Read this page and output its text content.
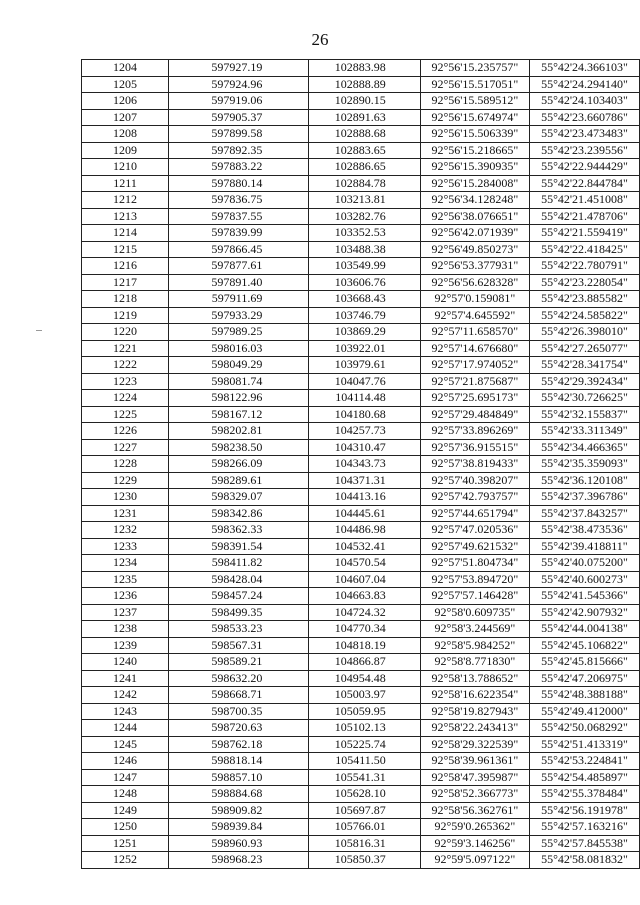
26
1204	597927.19	102883.98	92°56'15.235757"	55°42'24.366103"
1205	597924.96	102888.89	92°56'15.517051"	55°42'24.294140"
1206	597919.06	102890.15	92°56'15.589512"	55°42'24.103403"
1207	597905.37	102891.63	92°56'15.674974"	55°42'23.660786"
1208	597899.58	102888.68	92°56'15.506339"	55°42'23.473483"
1209	597892.35	102883.65	92°56'15.218665"	55°42'23.239556"
1210	597883.22	102886.65	92°56'15.390935"	55°42'22.944429"
1211	597880.14	102884.78	92°56'15.284008"	55°42'22.844784"
1212	597836.75	103213.81	92°56'34.128248"	55°42'21.451008"
1213	597837.55	103282.76	92°56'38.076651"	55°42'21.478706"
1214	597839.99	103352.53	92°56'42.071939"	55°42'21.559419"
1215	597866.45	103488.38	92°56'49.850273"	55°42'22.418425"
1216	597877.61	103549.99	92°56'53.377931"	55°42'22.780791"
1217	597891.40	103606.76	92°56'56.628328"	55°42'23.228054"
1218	597911.69	103668.43	92°57'0.159081"	55°42'23.885582"
1219	597933.29	103746.79	92°57'4.645592"	55°42'24.585822"
1220	597989.25	103869.29	92°57'11.658570"	55°42'26.398010"
1221	598016.03	103922.01	92°57'14.676680"	55°42'27.265077"
1222	598049.29	103979.61	92°57'17.974052"	55°42'28.341754"
1223	598081.74	104047.76	92°57'21.875687"	55°42'29.392434"
1224	598122.96	104114.48	92°57'25.695173"	55°42'30.726625"
1225	598167.12	104180.68	92°57'29.484849"	55°42'32.155837"
1226	598202.81	104257.73	92°57'33.896269"	55°42'33.311349"
1227	598238.50	104310.47	92°57'36.915515"	55°42'34.466365"
1228	598266.09	104343.73	92°57'38.819433"	55°42'35.359093"
1229	598289.61	104371.31	92°57'40.398207"	55°42'36.120108"
1230	598329.07	104413.16	92°57'42.793757"	55°42'37.396786"
1231	598342.86	104445.61	92°57'44.651794"	55°42'37.843257"
1232	598362.33	104486.98	92°57'47.020536"	55°42'38.473536"
1233	598391.54	104532.41	92°57'49.621532"	55°42'39.418811"
1234	598411.82	104570.54	92°57'51.804734"	55°42'40.075200"
1235	598428.04	104607.04	92°57'53.894720"	55°42'40.600273"
1236	598457.24	104663.83	92°57'57.146428"	55°42'41.545366"
1237	598499.35	104724.32	92°58'0.609735"	55°42'42.907932"
1238	598533.23	104770.34	92°58'3.244569"	55°42'44.004138"
1239	598567.31	104818.19	92°58'5.984252"	55°42'45.106822"
1240	598589.21	104866.87	92°58'8.771830"	55°42'45.815666"
1241	598632.20	104954.48	92°58'13.788652"	55°42'47.206975"
1242	598668.71	105003.97	92°58'16.622354"	55°42'48.388188"
1243	598700.35	105059.95	92°58'19.827943"	55°42'49.412000"
1244	598720.63	105102.13	92°58'22.243413"	55°42'50.068292"
1245	598762.18	105225.74	92°58'29.322539"	55°42'51.413319"
1246	598818.14	105411.50	92°58'39.961361"	55°42'53.224841"
1247	598857.10	105541.31	92°58'47.395987"	55°42'54.485897"
1248	598884.68	105628.10	92°58'52.366773"	55°42'55.378484"
1249	598909.82	105697.87	92°58'56.362761"	55°42'56.191978"
1250	598939.84	105766.01	92°59'0.265362"	55°42'57.163216"
1251	598960.93	105816.31	92°59'3.146256"	55°42'57.845538"
1252	598968.23	105850.37	92°59'5.097122"	55°42'58.081832"
